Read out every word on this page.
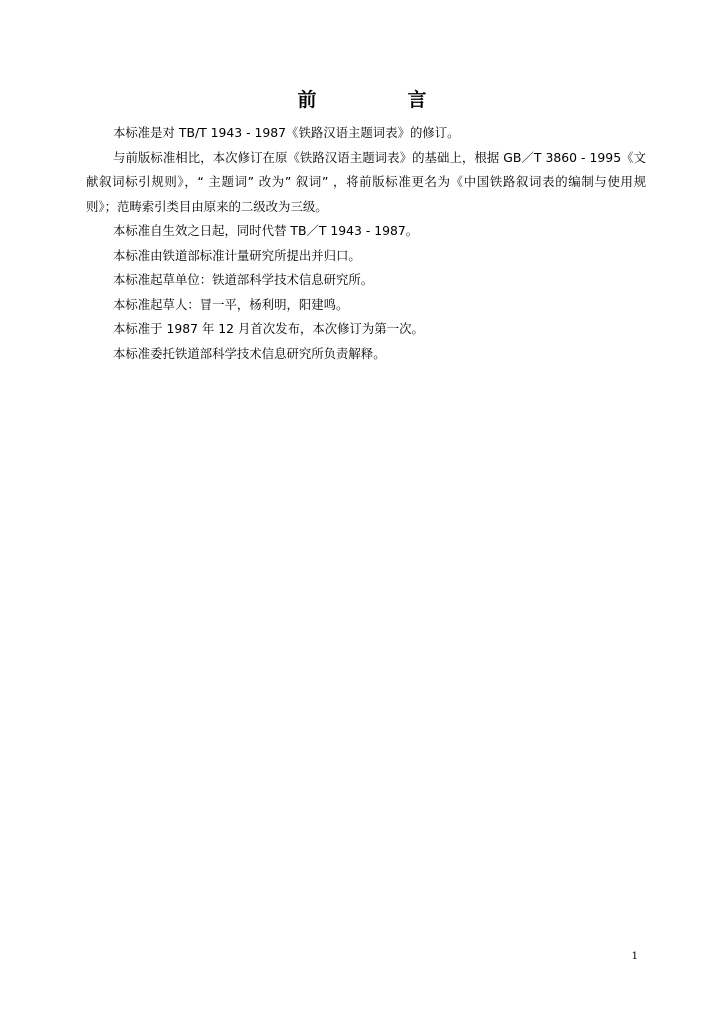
前　言

本标准是对 TB/T 1943 - 1987《铁路汉语主题词表》的修订。

与前版标准相比，本次修订在原《铁路汉语主题词表》的基础上，根据 GB／T 3860 - 1995《文献叙词标引规则》，“ 主题词” 改为” 叙词” ，将前版标准更名为《中国铁路叙词表的编制与使用规则》；范畴索引类目由原来的二级改为三级。

本标准自生效之日起，同时代替 TB／T 1943 - 1987。

本标准由铁道部标准计量研究所提出并归口。

本标准起草单位：铁道部科学技术信息研究所。

本标准起草人：冒一平，杨利明，阳建鸣。

本标准于 1987 年 12 月首次发布，本次修订为第一次。

本标准委托铁道部科学技术信息研究所负责解释。

1
